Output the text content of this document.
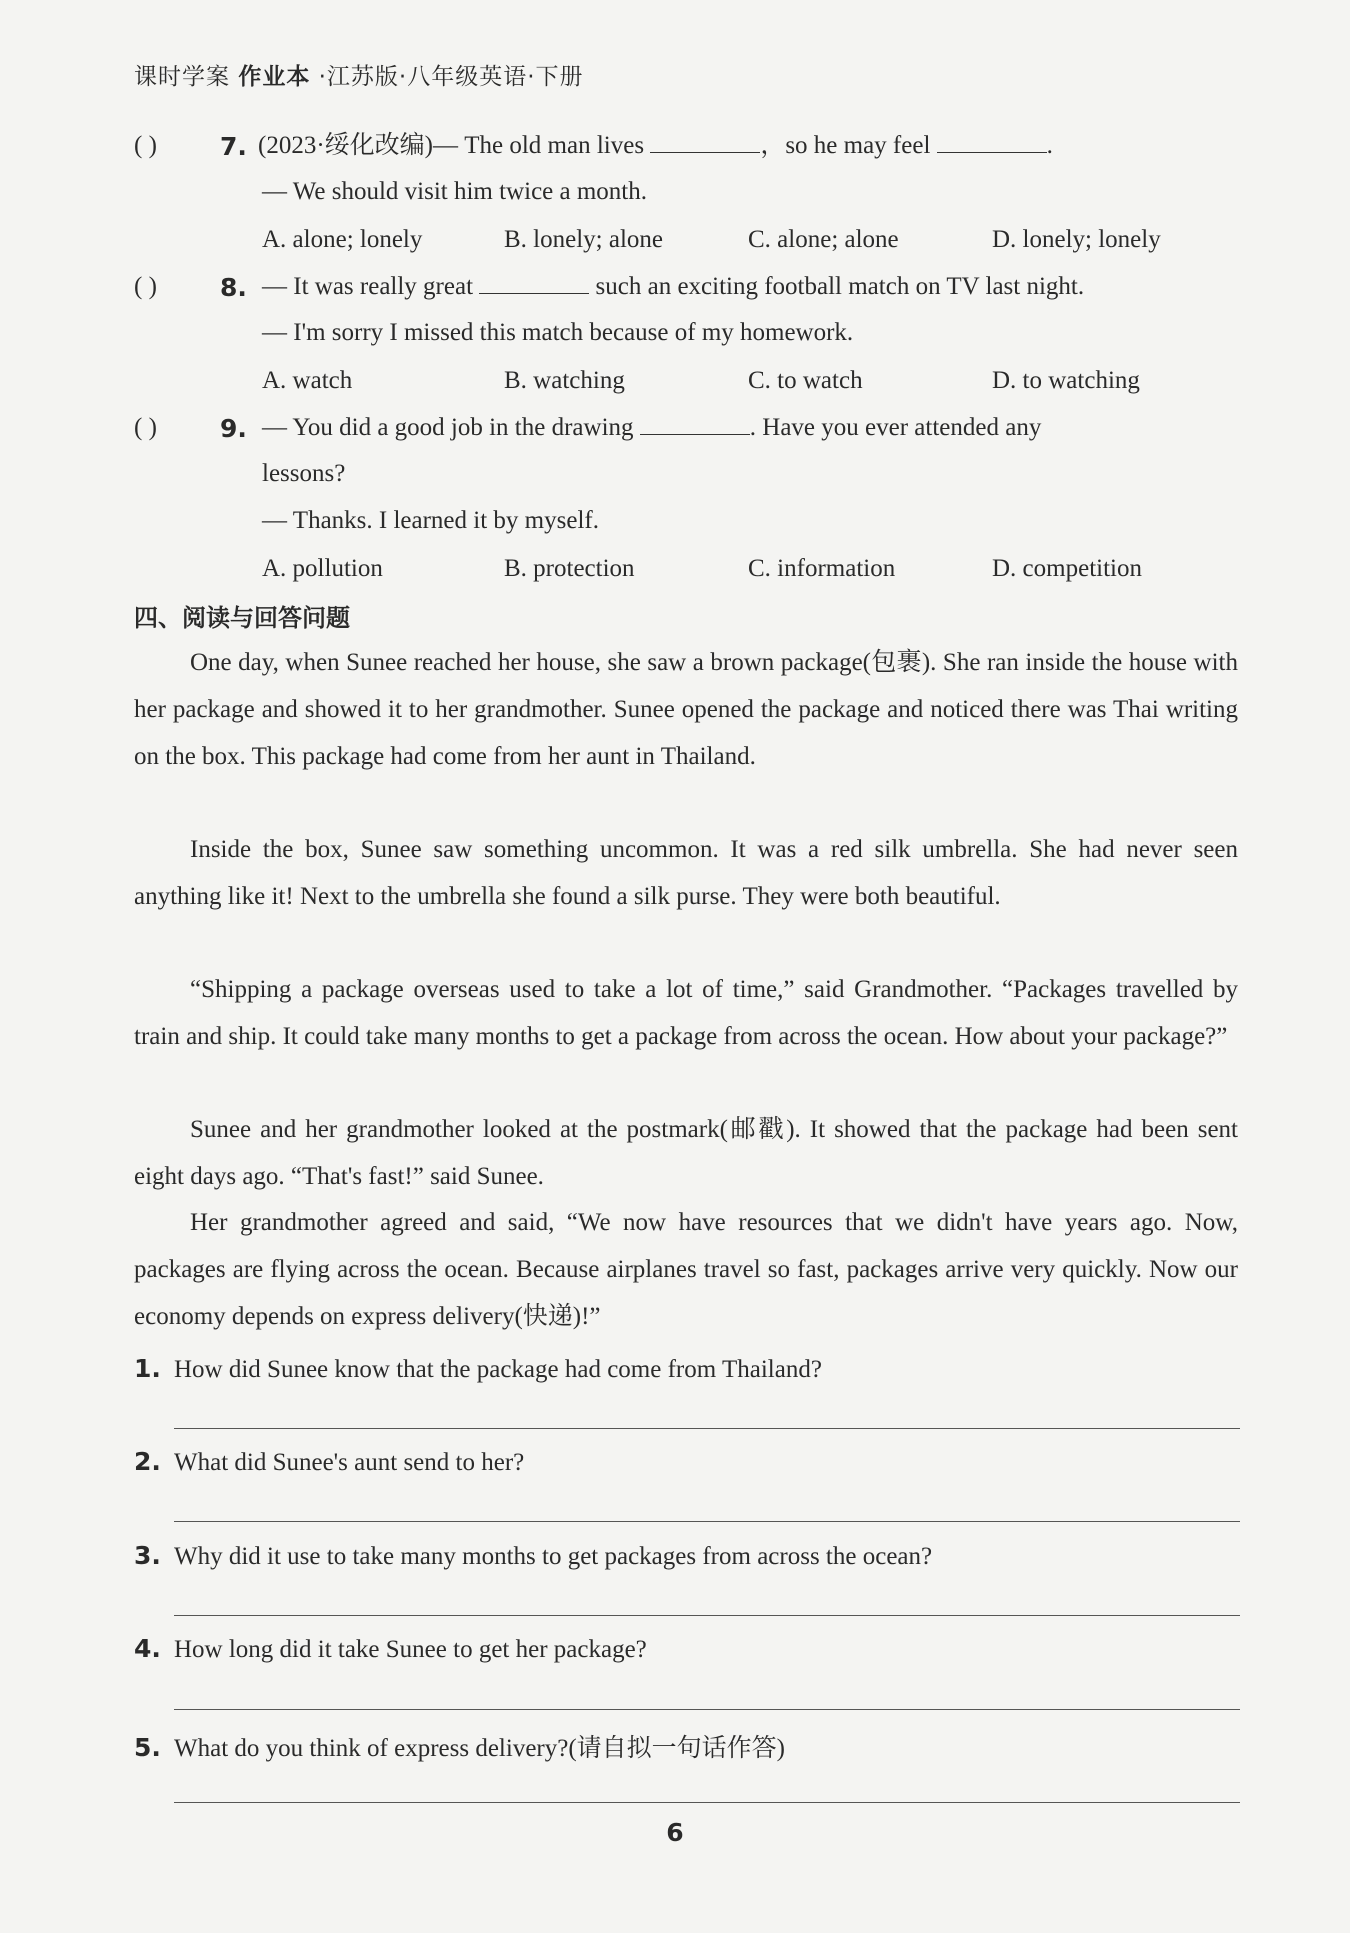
课时学案 作业本 ·江苏版·八年级英语·下册
( )	7. (2023·绥化改编)— The old man lives	，so he may feel	.
— We should visit him twice a month.
A. alone; lonely	B. lonely; alone	C. alone; alone	D. lonely; lonely
( )	8. — It was really great	such an exciting football match on TV last night.
— I'm sorry I missed this match because of my homework.
A. watch	B. watching	C. to watch	D. to watching
( )	9. — You did a good job in the drawing	. Have you ever attended any
lessons?
— Thanks. I learned it by myself.
A. pollution	B. protection	C. information	D. competition
四、阅读与回答问题

One day, when Sunee reached her house, she saw a brown package(包裹). She ran inside the house with her package and showed it to her grandmother. Sunee opened the package and noticed there was Thai writing on the box. This package had come from her aunt in Thailand.

Inside the box, Sunee saw something uncommon. It was a red silk umbrella. She had never seen anything like it! Next to the umbrella she found a silk purse. They were both beautiful.

“Shipping a package overseas used to take a lot of time,” said Grandmother. “Packages travelled by train and ship. It could take many months to get a package from across the ocean. How about your package?”

Sunee and her grandmother looked at the postmark(邮戳). It showed that the package had been sent eight days ago. “That's fast!” said Sunee.

Her grandmother agreed and said, “We now have resources that we didn't have years ago. Now, packages are flying across the ocean. Because airplanes travel so fast, packages arrive very quickly. Now our economy depends on express delivery(快递)!”

1. How did Sunee know that the package had come from Thailand?
2. What did Sunee's aunt send to her?
3. Why did it use to take many months to get packages from across the ocean?
4. How long did it take Sunee to get her package?
5. What do you think of express delivery?(请自拟一句话作答)
6
